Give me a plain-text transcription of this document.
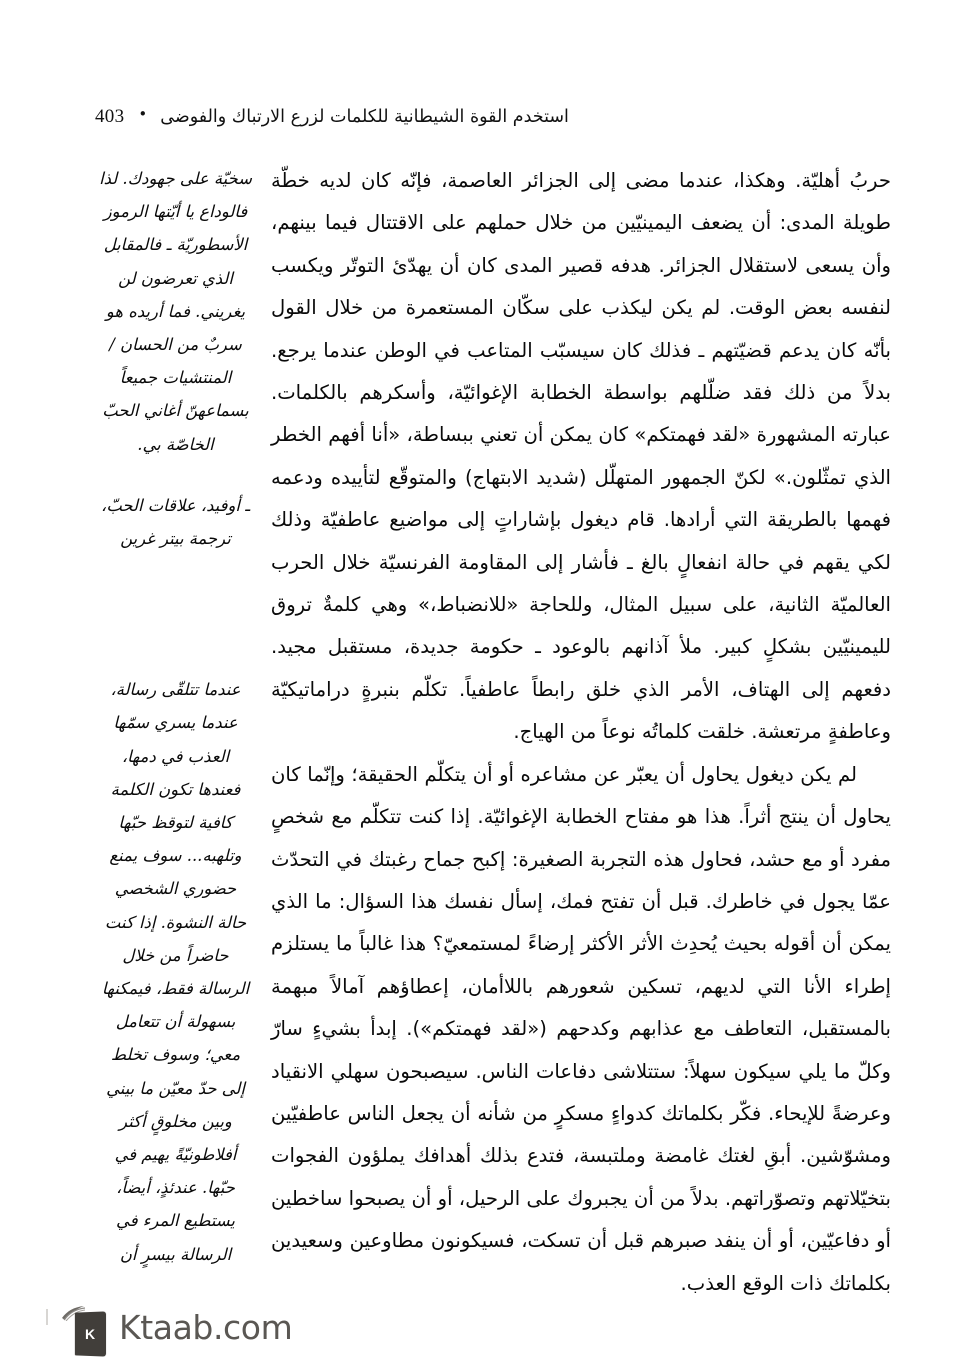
403 • استخدم القوة الشيطانية للكلمات لزرع الارتباك والفوضى

حربُ أهليّة. وهكذا، عندما مضى إلى الجزائر العاصمة، فإنّه كان لديه خطّة طويلة المدى: أن يضعف اليمينيّين من خلال حملهم على الاقتتال فيما بينهم، وأن يسعى لاستقلال الجزائر. هدفه قصير المدى كان أن يهدّئ التوتّر ويكسب لنفسه بعض الوقت. لم يكن ليكذب على سكّان المستعمرة من خلال القول بأنّه كان يدعم قضيّتهم ـ فذلك كان سيسبّب المتاعب في الوطن عندما يرجع. بدلاً من ذلك فقد ضلّلهم بواسطة الخطابة الإغوائيّة، وأسكرهم بالكلمات. عبارته المشهورة «لقد فهمتكم» كان يمكن أن تعني ببساطة، «أنا أفهم الخطر الذي تمثّلون.» لكنّ الجمهور المتهلّل (شديد الابتهاج) والمتوقّع لتأييده ودعمه فهمها بالطريقة التي أرادها. قام ديغول بإشاراتٍ إلى مواضيع عاطفيّة وذلك لكي يقهم في حالة انفعالٍ بالغ ـ فأشار إلى المقاومة الفرنسيّة خلال الحرب العالميّة الثانية، على سبيل المثال، وللحاجة «للانضباط،» وهي كلمةٌ تروق لليمينيّين بشكلٍ كبير. ملأ آذانهم بالوعود ـ حكومة جديدة، مستقبل مجيد. دفعهم إلى الهتاف، الأمر الذي خلق رابطاً عاطفياً. تكلّم بنبرةٍ دراماتيكيّة وعاطفةٍ مرتعشة. خلقت كلماتُه نوعاً من الهياج.

لم يكن ديغول يحاول أن يعبّر عن مشاعره أو أن يتكلّم الحقيقة؛ وإنّما كان يحاول أن ينتج أثراً. هذا هو مفتاح الخطابة الإغوائيّة. إذا كنت تتكلّم مع شخصٍ مفرد أو مع حشد، فحاول هذه التجربة الصغيرة: إكبح جماح رغبتك في التحدّث عمّا يجول في خاطرك. قبل أن تفتح فمك، إسأل نفسك هذا السؤال: ما الذي يمكن أن أقوله بحيث يُحدِث الأثر الأكثر إرضاءً لمستمعيّ؟ هذا غالباً ما يستلزم إطراء الأنا التي لديهم، تسكين شعورهم باللاأمان، إعطاؤهم آمالاً مبهمة بالمستقبل، التعاطف مع عذابهم وكدحهم («لقد فهمتكم»). إبدأ بشيءٍ سارّ وكلّ ما يلي سيكون سهلاً: ستتلاشى دفاعات الناس. سيصبحون سهلي الانقياد وعرضةً للإيحاء. فكّر بكلماتك كدواءٍ مسكرٍ من شأنه أن يجعل الناس عاطفيّين ومشوّشين. أبقِ لغتك غامضة وملتبسة، فتدع بذلك أهدافك يملؤون الفجوات بتخيّلاتهم وتصوّراتهم. بدلاً من أن يجبروك على الرحيل، أو أن يصبحوا ساخطين أو دفاعيّين، أو أن ينفد صبرهم قبل أن تسكت، فسيكونون مطاوعين وسعيدين بكلماتك ذات الوقع العذب.

سخيّة على جهودك. لذا فالوداع يا أيّتها الرموز الأسطوريّة ـ فالمقابل الذي تعرضون لن يغريني. فما أريده هو سربٌ من الحسان / المنتشيات جميعاً بسماعهنّ أغاني الحبّ الخاصّة بي.

ـ أوفيد، علاقات الحبّ، ترجمة بيتر غرين

عندما تتلقّى رسالة، عندما يسري سمّها العذب في دمها، فعندها تكون الكلمة كافية لتوقظ حبّها وتلهبه... سوف يمنع حضوري الشخصي حالة النشوة. إذا كنت حاضراً من خلال الرسالة فقط، فيمكنها بسهولة أن تتعامل معي؛ وسوف تخلط إلى حدّ معيّن ما بيني وبين مخلوقٍ أكثر أفلاطونيّةً يهيم في حبّها. عندئذٍ، أيضاً، يستطيع المرء في الرسالة بيسرٍ أن

K Ktaab.com
